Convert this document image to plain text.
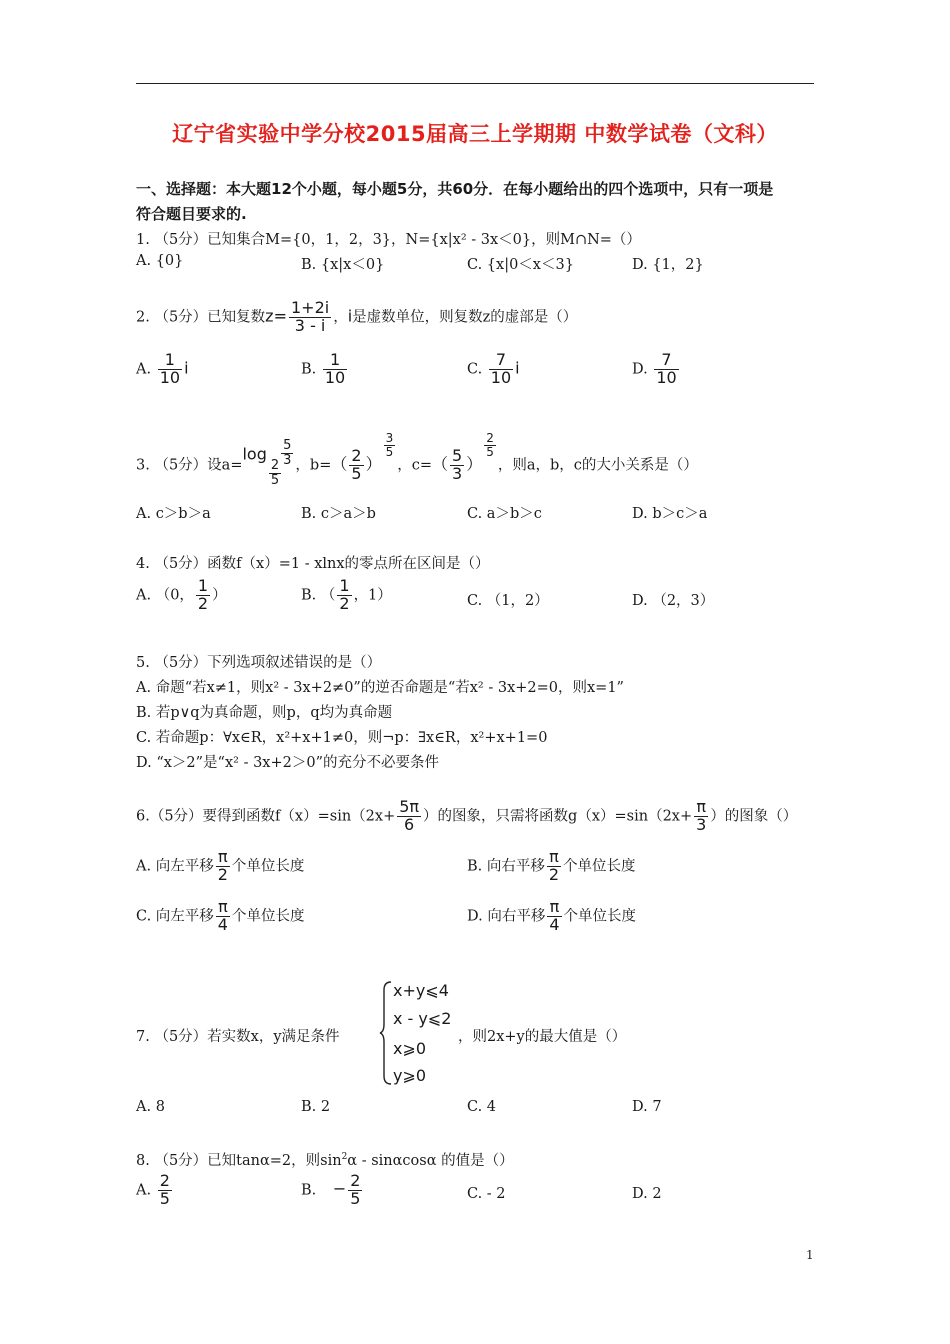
辽宁省实验中学分校2015届高三上学期期 中数学试卷（文科）
一、选择题：本大题12个小题，每小题5分，共60分．在每小题给出的四个选项中，只有一项是
符合题目要求的.
1. （5分）已知集合M={0，1，2，3}，N={x|x² - 3x＜0}，则M∩N=（）
A. {0}	B. {x|x＜0}	C. {x|0＜x＜3}	D. {1，2}
2. （5分）已知复数$z= \frac{1+2i}{3 - i}$ ，i是虚数单位，则复数z的虚部是（）
A. $\frac{1}{10}$ i	B. $\frac{1}{10}$	C. $\frac{7}{10}$ i	D. $\frac{7}{10}$
3. （5分）设a=log
$\frac{2}{5}$
$\frac{5}{3}$ ，$b=( \frac{2}{5}$ ）
$\frac{3}{5}$
，$c=( \frac{5}{3}$ ）
$\frac{2}{5}$
，则a，b，c的大小关系是（）
A. c＞b＞a	B. c＞a＞b	C. a＞b＞c	D. b＞c＞a
4. （5分）函数f（x）=1 - xlnx的零点所在区间是（）
A. （0， $\frac{1}{2}$ ）	B. （ $\frac{1}{2}$ ，1）	C. （1，2）	D. （2，3）
5. （5分）下列选项叙述错误的是（）
A. 命题“若x≠1，则x² - 3x+2≠0”的逆否命题是“若x² - 3x+2=0，则x=1”
B. 若p∨q为真命题，则p，q均为真命题
C. 若命题p：∀x∈R，x²+x+1≠0，则¬p：∃x∈R，x²+x+1=0
D. “x＞2”是“x² - 3x+2＞0”的充分不必要条件
6.（5分）要得到函数$f(x)=\sin(2x+ \frac{5\pi}{6}$ ）的图象，只需将函数$g(x)=\sin(2x+ \frac{\pi}{3}$ ）的图象（）
A. 向左平移 $\frac{\pi}{2}$ 个单位长度	B. 向右平移 $\frac{\pi}{2}$ 个单位长度
C. 向左平移 $\frac{\pi}{4}$ 个单位长度	D. 向右平移 $\frac{\pi}{4}$ 个单位长度
7. （5分）若实数x，y满足条件
x+y⩽4
x - y⩽2
x⩾0
y⩾0
，则2x+y的最大值是（）
A. 8	B. 2	C. 4	D. 7
8. （5分）已知tanα=2，则$\sin^2\alpha$ - sinαcosα 的值是（）
A. $\frac{2}{5}$	B. − $\frac{2}{5}$	C. - 2	D. 2
1
